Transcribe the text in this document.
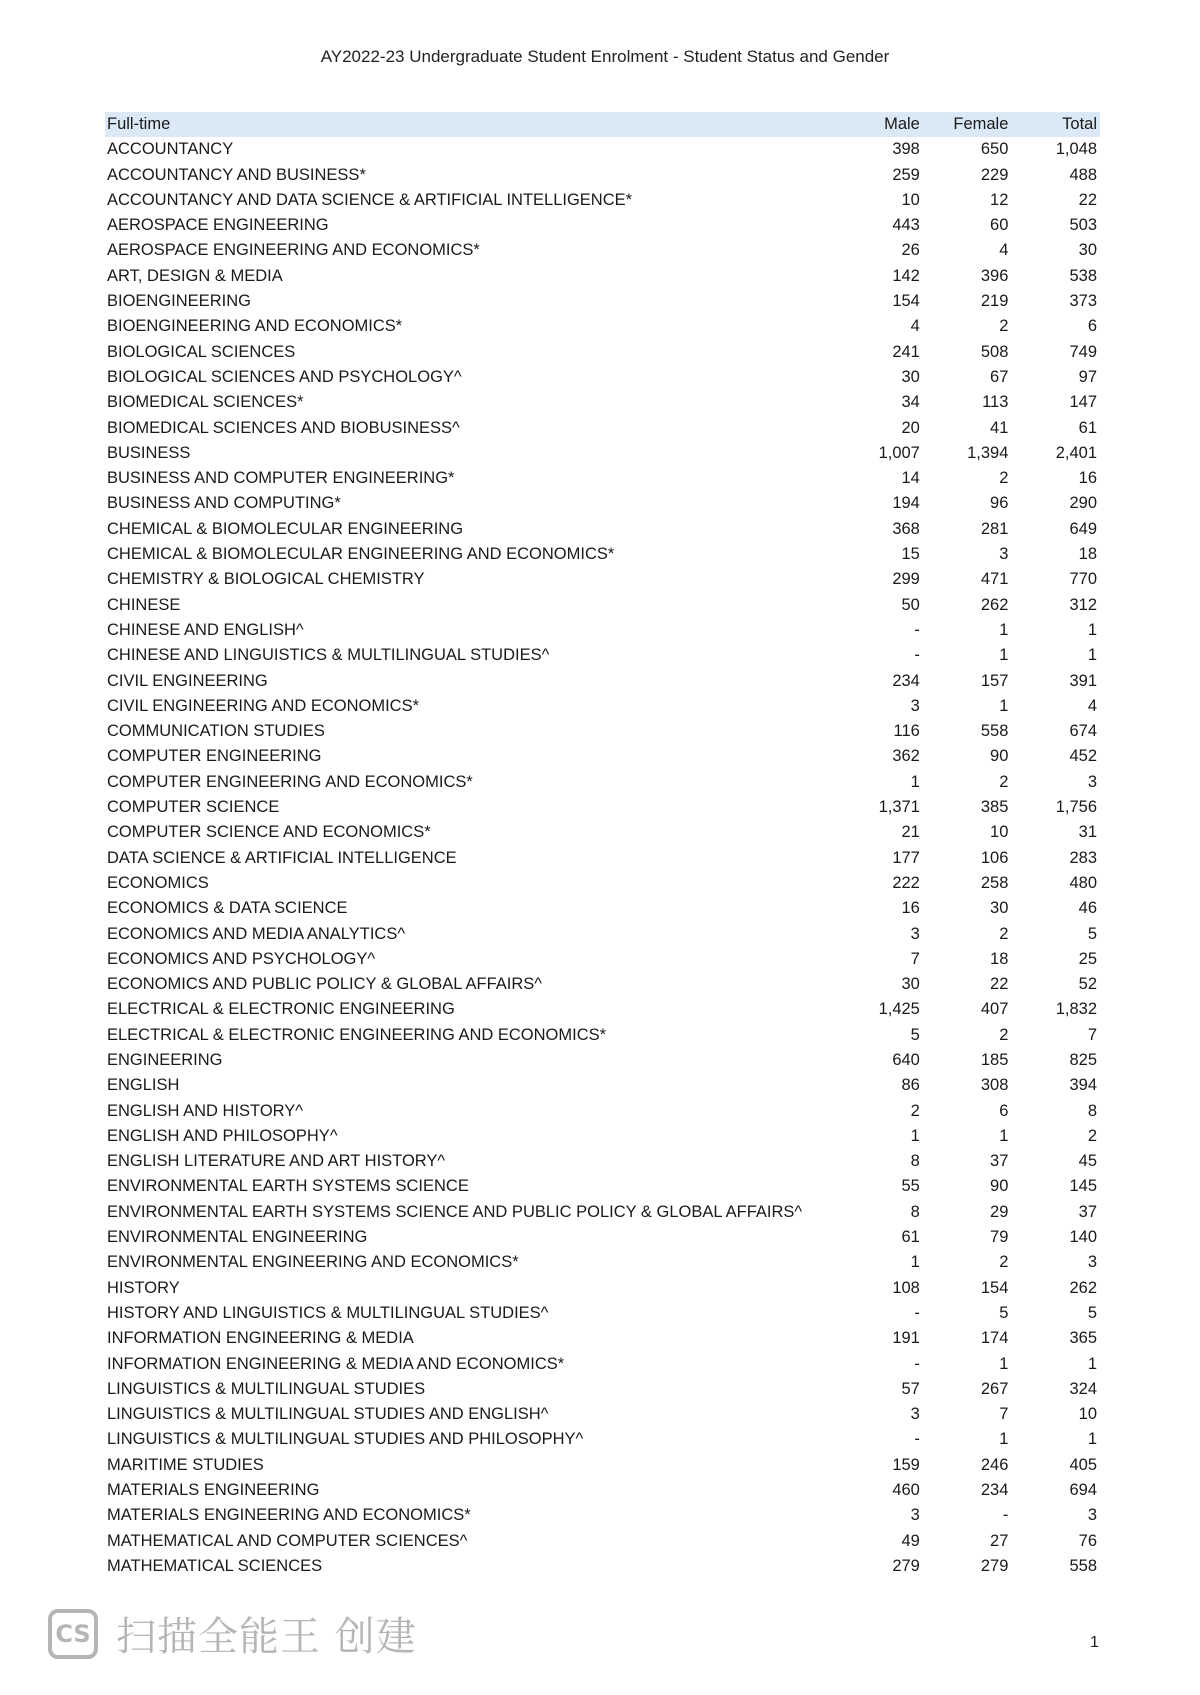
AY2022-23 Undergraduate Student Enrolment - Student Status and Gender
Full-time	Male	Female	Total
ACCOUNTANCY	398	650	1,048
ACCOUNTANCY AND BUSINESS*	259	229	488
ACCOUNTANCY AND DATA SCIENCE & ARTIFICIAL INTELLIGENCE*	10	12	22
AEROSPACE ENGINEERING	443	60	503
AEROSPACE ENGINEERING AND ECONOMICS*	26	4	30
ART, DESIGN & MEDIA	142	396	538
BIOENGINEERING	154	219	373
BIOENGINEERING AND ECONOMICS*	4	2	6
BIOLOGICAL SCIENCES	241	508	749
BIOLOGICAL SCIENCES AND PSYCHOLOGY^	30	67	97
BIOMEDICAL SCIENCES*	34	113	147
BIOMEDICAL SCIENCES AND BIOBUSINESS^	20	41	61
BUSINESS	1,007	1,394	2,401
BUSINESS AND COMPUTER ENGINEERING*	14	2	16
BUSINESS AND COMPUTING*	194	96	290
CHEMICAL & BIOMOLECULAR ENGINEERING	368	281	649
CHEMICAL & BIOMOLECULAR ENGINEERING AND ECONOMICS*	15	3	18
CHEMISTRY & BIOLOGICAL CHEMISTRY	299	471	770
CHINESE	50	262	312
CHINESE AND ENGLISH^	-	1	1
CHINESE AND LINGUISTICS & MULTILINGUAL STUDIES^	-	1	1
CIVIL ENGINEERING	234	157	391
CIVIL ENGINEERING AND ECONOMICS*	3	1	4
COMMUNICATION STUDIES	116	558	674
COMPUTER ENGINEERING	362	90	452
COMPUTER ENGINEERING AND ECONOMICS*	1	2	3
COMPUTER SCIENCE	1,371	385	1,756
COMPUTER SCIENCE AND ECONOMICS*	21	10	31
DATA SCIENCE & ARTIFICIAL INTELLIGENCE	177	106	283
ECONOMICS	222	258	480
ECONOMICS & DATA SCIENCE	16	30	46
ECONOMICS AND MEDIA ANALYTICS^	3	2	5
ECONOMICS AND PSYCHOLOGY^	7	18	25
ECONOMICS AND PUBLIC POLICY & GLOBAL AFFAIRS^	30	22	52
ELECTRICAL & ELECTRONIC ENGINEERING	1,425	407	1,832
ELECTRICAL & ELECTRONIC ENGINEERING AND ECONOMICS*	5	2	7
ENGINEERING	640	185	825
ENGLISH	86	308	394
ENGLISH AND HISTORY^	2	6	8
ENGLISH AND PHILOSOPHY^	1	1	2
ENGLISH LITERATURE AND ART HISTORY^	8	37	45
ENVIRONMENTAL EARTH SYSTEMS SCIENCE	55	90	145
ENVIRONMENTAL EARTH SYSTEMS SCIENCE AND PUBLIC POLICY & GLOBAL AFFAIRS^	8	29	37
ENVIRONMENTAL ENGINEERING	61	79	140
ENVIRONMENTAL ENGINEERING AND ECONOMICS*	1	2	3
HISTORY	108	154	262
HISTORY AND LINGUISTICS & MULTILINGUAL STUDIES^	-	5	5
INFORMATION ENGINEERING & MEDIA	191	174	365
INFORMATION ENGINEERING & MEDIA AND ECONOMICS*	-	1	1
LINGUISTICS & MULTILINGUAL STUDIES	57	267	324
LINGUISTICS & MULTILINGUAL STUDIES AND ENGLISH^	3	7	10
LINGUISTICS & MULTILINGUAL STUDIES AND PHILOSOPHY^	-	1	1
MARITIME STUDIES	159	246	405
MATERIALS ENGINEERING	460	234	694
MATERIALS ENGINEERING AND ECONOMICS*	3	-	3
MATHEMATICAL AND COMPUTER SCIENCES^	49	27	76
MATHEMATICAL SCIENCES	279	279	558
CS 扫描全能王 创建	1
